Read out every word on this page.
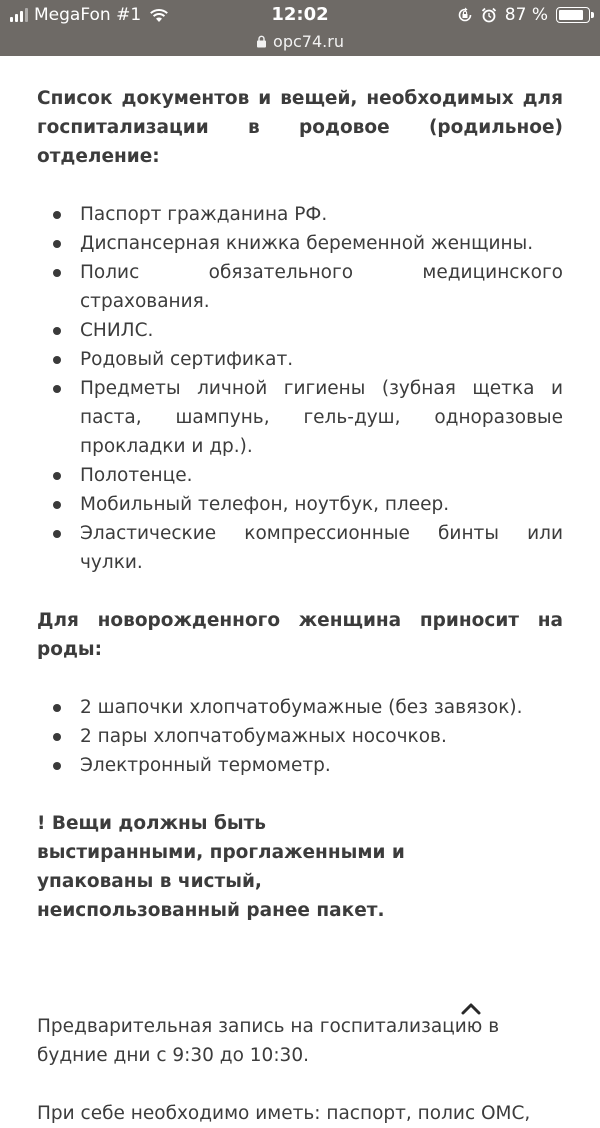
MegaFon #1	12:02	87 %
орс74.ru
Список документов и вещей, необходимых для госпитализации в родовое (родильное) отделение:
Паспорт гражданина РФ.
Диспансерная книжка беременной женщины.
Полис обязательного медицинского страхования.
СНИЛС.
Родовый сертификат.
Предметы личной гигиены (зубная щетка и паста, шампунь, гель-душ, одноразовые прокладки и др.).
Полотенце.
Мобильный телефон, ноутбук, плеер.
Эластические компрессионные бинты или чулки.
Для новорожденного женщина приносит на роды:
2 шапочки хлопчатобумажные (без завязок).
2 пары хлопчатобумажных носочков.
Электронный термометр.
! Вещи должны быть выстиранными, проглаженными и упакованы в чистый, неиспользованный ранее пакет.
Предварительная запись на госпитализацию в будние дни с 9:30 до 10:30.
При себе необходимо иметь: паспорт, полис ОМС,
